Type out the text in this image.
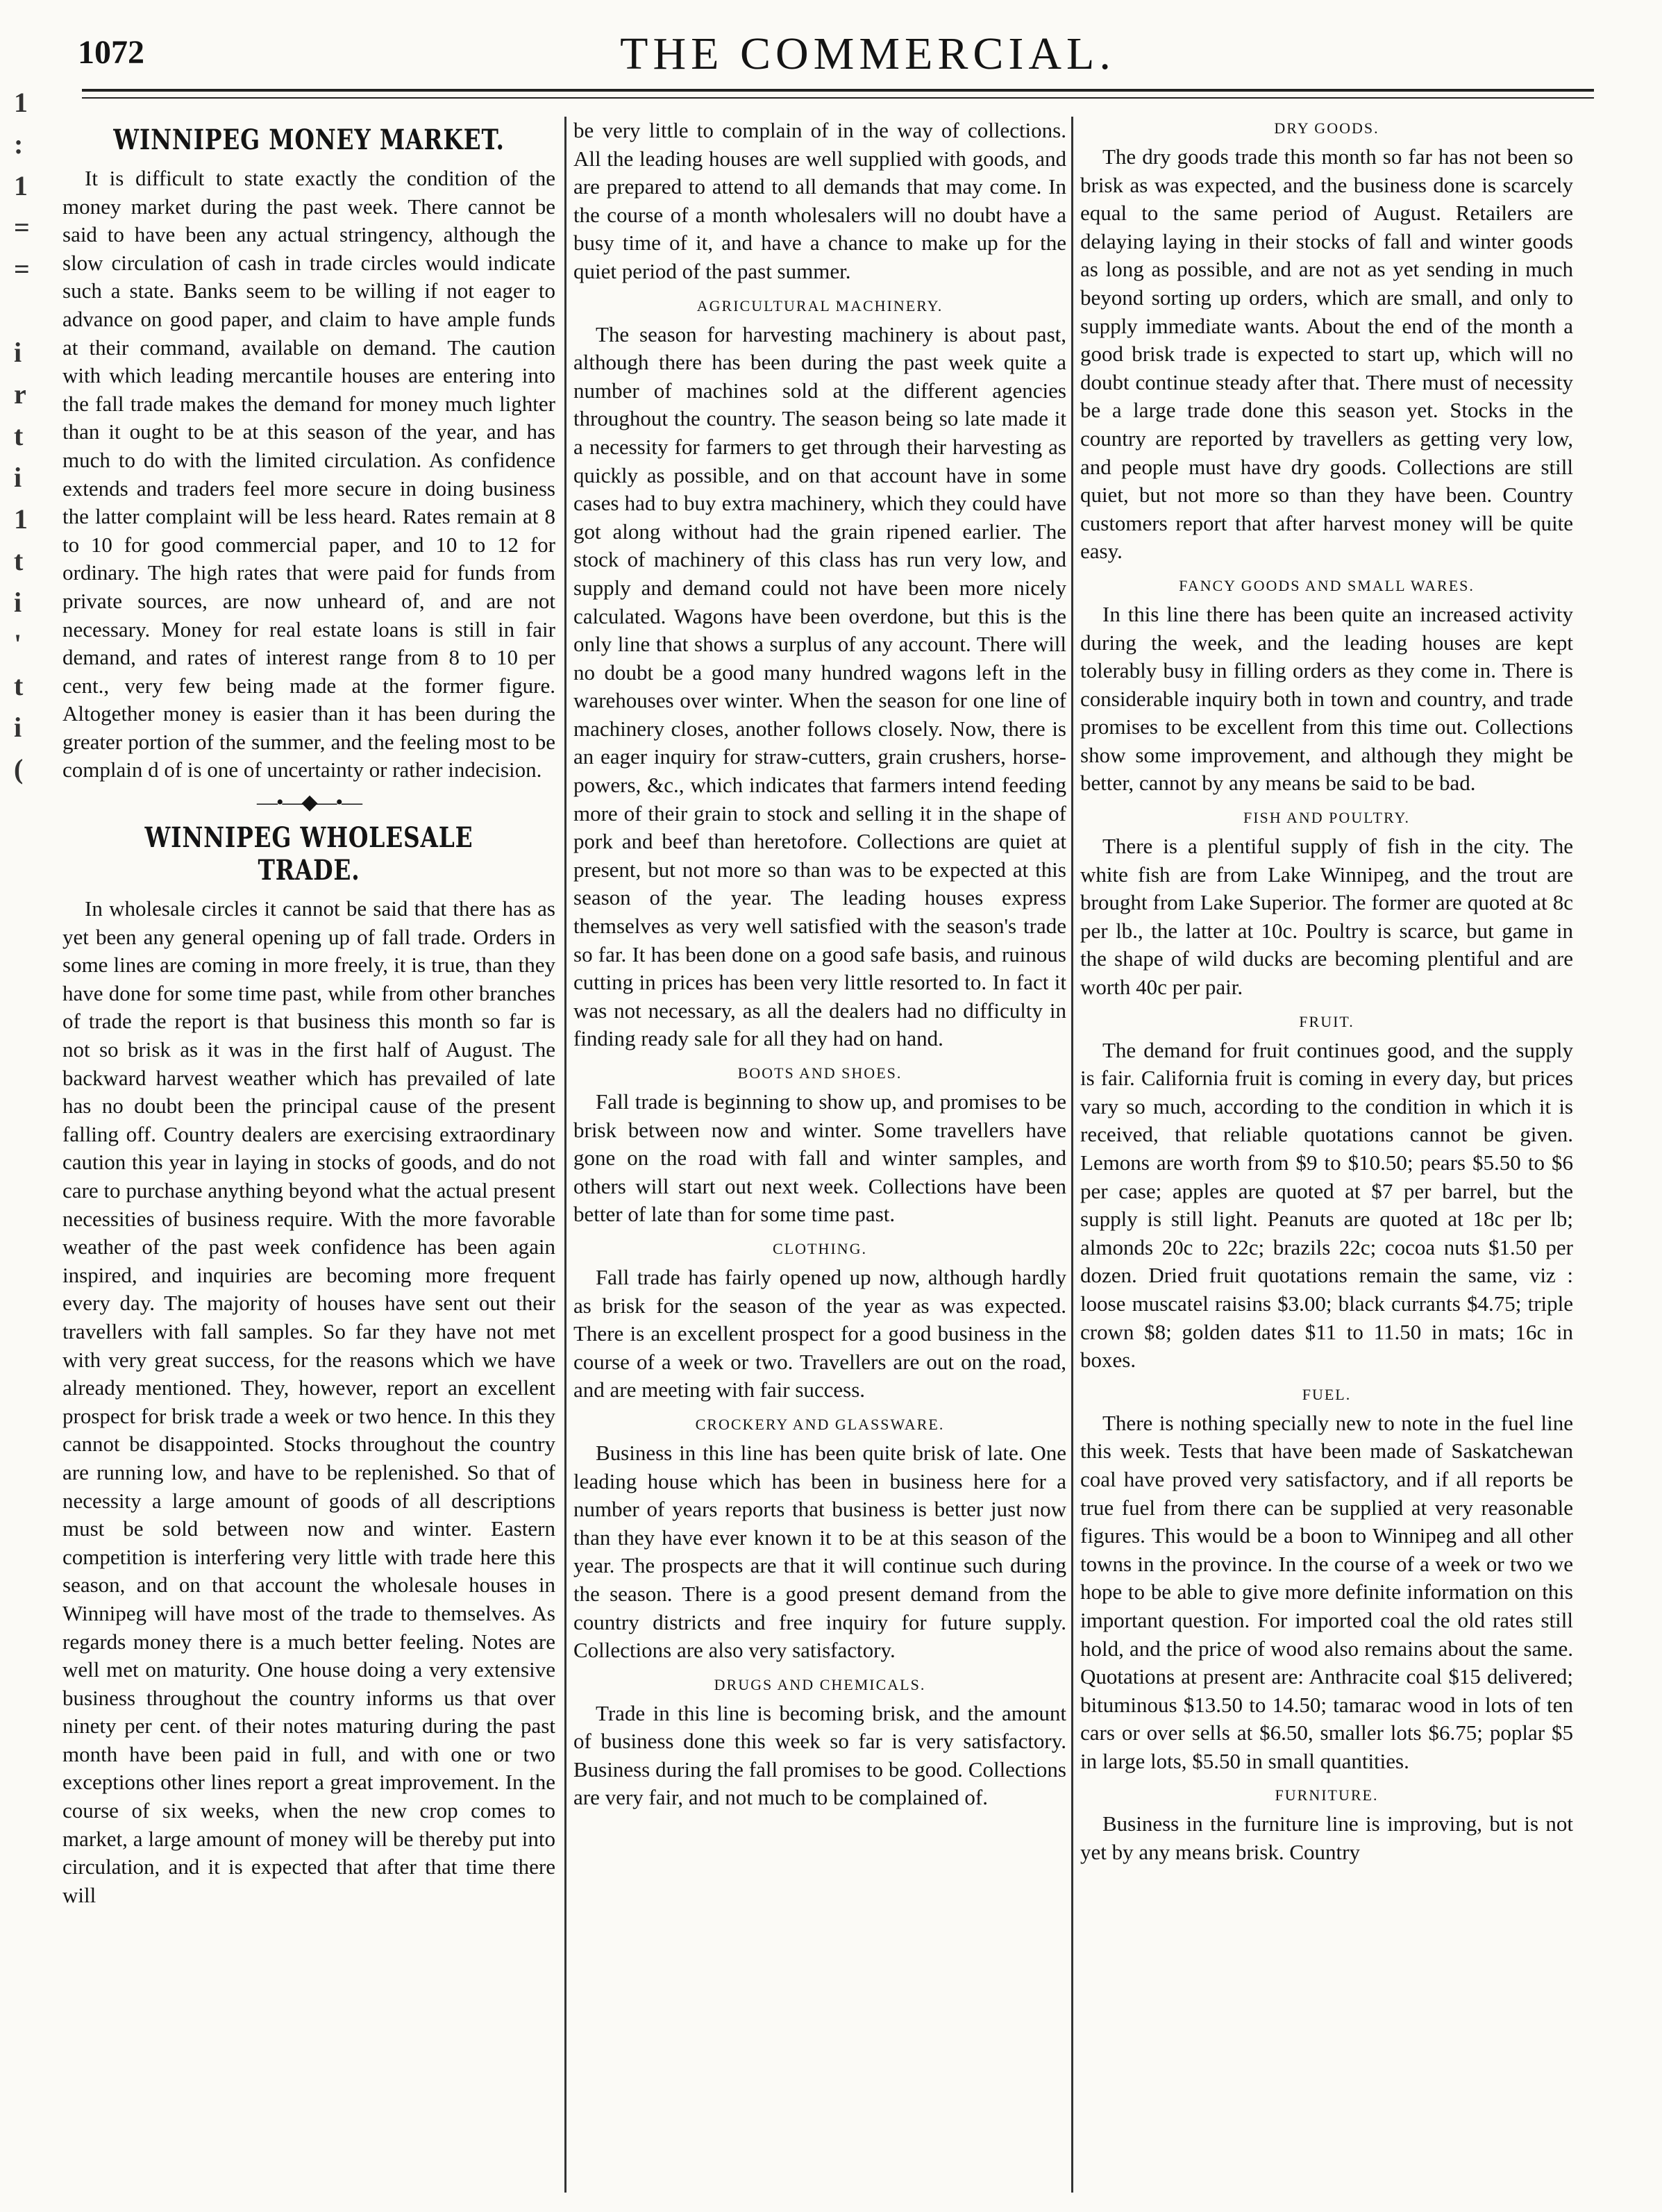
1072	THE COMMERCIAL.
1
:
1
=
=

i
r
t
i
1
t
i
'
t
i
(
WINNIPEG MONEY MARKET.

It is difficult to state exactly the condition of the money market during the past week. There cannot be said to have been any actual stringency, although the slow circulation of cash in trade circles would indicate such a state. Banks seem to be willing if not eager to advance on good paper, and claim to have ample funds at their command, available on demand. The caution with which leading mercantile houses are entering into the fall trade makes the demand for money much lighter than it ought to be at this season of the year, and has much to do with the limited circulation. As confidence extends and traders feel more secure in doing business the latter complaint will be less heard. Rates remain at 8 to 10 for good commercial paper, and 10 to 12 for ordinary. The high rates that were paid for funds from private sources, are now unheard of, and are not necessary. Money for real estate loans is still in fair demand, and rates of interest range from 8 to 10 per cent., very few being made at the former figure. Altogether money is easier than it has been during the greater portion of the summer, and the feeling most to be complain d of is one of uncertainty or rather indecision.

—•—◆—•—
WINNIPEG WHOLESALE TRADE.

In wholesale circles it cannot be said that there has as yet been any general opening up of fall trade. Orders in some lines are coming in more freely, it is true, than they have done for some time past, while from other branches of trade the report is that business this month so far is not so brisk as it was in the first half of August. The backward harvest weather which has prevailed of late has no doubt been the principal cause of the present falling off. Country dealers are exercising extraordinary caution this year in laying in stocks of goods, and do not care to purchase anything beyond what the actual present necessities of business require. With the more favorable weather of the past week confidence has been again inspired, and inquiries are becoming more frequent every day. The majority of houses have sent out their travellers with fall samples. So far they have not met with very great success, for the reasons which we have already mentioned. They, however, report an excellent prospect for brisk trade a week or two hence. In this they cannot be disappointed. Stocks throughout the country are running low, and have to be replenished. So that of necessity a large amount of goods of all descriptions must be sold between now and winter. Eastern competition is interfering very little with trade here this season, and on that account the wholesale houses in Winnipeg will have most of the trade to themselves. As regards money there is a much better feeling. Notes are well met on maturity. One house doing a very extensive business throughout the country informs us that over ninety per cent. of their notes maturing during the past month have been paid in full, and with one or two exceptions other lines report a great improvement. In the course of six weeks, when the new crop comes to market, a large amount of money will be thereby put into circulation, and it is expected that after that time there will

be very little to complain of in the way of collections. All the leading houses are well supplied with goods, and are prepared to attend to all demands that may come. In the course of a month wholesalers will no doubt have a busy time of it, and have a chance to make up for the quiet period of the past summer.

AGRICULTURAL MACHINERY.

The season for harvesting machinery is about past, although there has been during the past week quite a number of machines sold at the different agencies throughout the country. The season being so late made it a necessity for farmers to get through their harvesting as quickly as possible, and on that account have in some cases had to buy extra machinery, which they could have got along without had the grain ripened earlier. The stock of machinery of this class has run very low, and supply and demand could not have been more nicely calculated. Wagons have been overdone, but this is the only line that shows a surplus of any account. There will no doubt be a good many hundred wagons left in the warehouses over winter. When the season for one line of machinery closes, another follows closely. Now, there is an eager inquiry for straw-cutters, grain crushers, horse-powers, &c., which indicates that farmers intend feeding more of their grain to stock and selling it in the shape of pork and beef than heretofore. Collections are quiet at present, but not more so than was to be expected at this season of the year. The leading houses express themselves as very well satisfied with the season's trade so far. It has been done on a good safe basis, and ruinous cutting in prices has been very little resorted to. In fact it was not necessary, as all the dealers had no difficulty in finding ready sale for all they had on hand.

BOOTS AND SHOES.

Fall trade is beginning to show up, and promises to be brisk between now and winter. Some travellers have gone on the road with fall and winter samples, and others will start out next week. Collections have been better of late than for some time past.

CLOTHING.

Fall trade has fairly opened up now, although hardly as brisk for the season of the year as was expected. There is an excellent prospect for a good business in the course of a week or two. Travellers are out on the road, and are meeting with fair success.

CROCKERY AND GLASSWARE.

Business in this line has been quite brisk of late. One leading house which has been in business here for a number of years reports that business is better just now than they have ever known it to be at this season of the year. The prospects are that it will continue such during the season. There is a good present demand from the country districts and free inquiry for future supply. Collections are also very satisfactory.

DRUGS AND CHEMICALS.

Trade in this line is becoming brisk, and the amount of business done this week so far is very satisfactory. Business during the fall promises to be good. Collections are very fair, and not much to be complained of.

DRY GOODS.

The dry goods trade this month so far has not been so brisk as was expected, and the business done is scarcely equal to the same period of August. Retailers are delaying laying in their stocks of fall and winter goods as long as possible, and are not as yet sending in much beyond sorting up orders, which are small, and only to supply immediate wants. About the end of the month a good brisk trade is expected to start up, which will no doubt continue steady after that. There must of necessity be a large trade done this season yet. Stocks in the country are reported by travellers as getting very low, and people must have dry goods. Collections are still quiet, but not more so than they have been. Country customers report that after harvest money will be quite easy.

FANCY GOODS AND SMALL WARES.

In this line there has been quite an increased activity during the week, and the leading houses are kept tolerably busy in filling orders as they come in. There is considerable inquiry both in town and country, and trade promises to be excellent from this time out. Collections show some improvement, and although they might be better, cannot by any means be said to be bad.

FISH AND POULTRY.

There is a plentiful supply of fish in the city. The white fish are from Lake Winnipeg, and the trout are brought from Lake Superior. The former are quoted at 8c per lb., the latter at 10c. Poultry is scarce, but game in the shape of wild ducks are becoming plentiful and are worth 40c per pair.

FRUIT.

The demand for fruit continues good, and the supply is fair. California fruit is coming in every day, but prices vary so much, according to the condition in which it is received, that reliable quotations cannot be given. Lemons are worth from $9 to $10.50; pears $5.50 to $6 per case; apples are quoted at $7 per barrel, but the supply is still light. Peanuts are quoted at 18c per lb; almonds 20c to 22c; brazils 22c; cocoa nuts $1.50 per dozen. Dried fruit quotations remain the same, viz : loose muscatel raisins $3.00; black currants $4.75; triple crown $8; golden dates $11 to 11.50 in mats; 16c in boxes.

FUEL.

There is nothing specially new to note in the fuel line this week. Tests that have been made of Saskatchewan coal have proved very satisfactory, and if all reports be true fuel from there can be supplied at very reasonable figures. This would be a boon to Winnipeg and all other towns in the province. In the course of a week or two we hope to be able to give more definite information on this important question. For imported coal the old rates still hold, and the price of wood also remains about the same. Quotations at present are: Anthracite coal $15 delivered; bituminous $13.50 to 14.50; tamarac wood in lots of ten cars or over sells at $6.50, smaller lots $6.75; poplar $5 in large lots, $5.50 in small quantities.

FURNITURE.

Business in the furniture line is improving, but is not yet by any means brisk. Country
